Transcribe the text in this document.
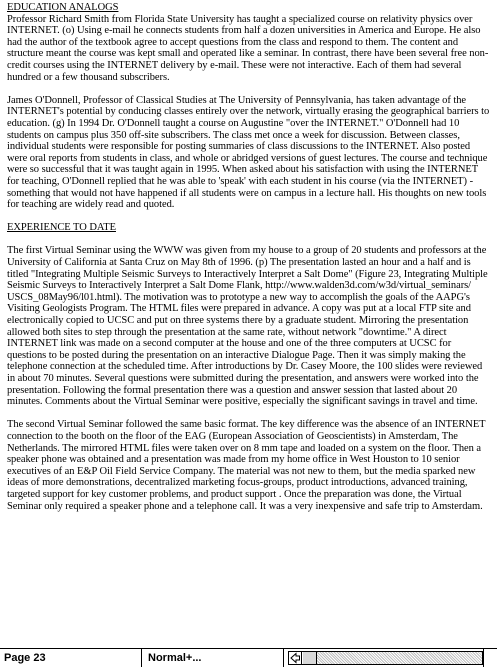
EDUCATION ANALOGS

Professor Richard Smith from Florida State University has taught a specialized course on relativity physics over INTERNET. (o) Using e-mail he connects students from half a dozen universities in America and Europe. He also had the author of the textbook agree to accept questions from the class and respond to them. The content and structure meant the course was kept small and operated like a seminar. In contrast, there have been several free non-credit courses using the INTERNET delivery by e-mail. These were not interactive. Each of them had several hundred or a few thousand subscribers.

James O'Donnell, Professor of Classical Studies at The University of Pennsylvania, has taken advantage of the INTERNET's potential by conducing classes entirely over the network, virtually erasing the geographical barriers to education. (g) In 1994 Dr. O'Donnell taught a course on Augustine "over the INTERNET." O'Donnell had 10 students on campus plus 350 off-site subscribers. The class met once a week for discussion. Between classes, individual students were responsible for posting summaries of class discussions to the INTERNET. Also posted were oral reports from students in class, and whole or abridged versions of guest lectures. The course and technique were so successful that it was taught again in 1995. When asked about his satisfaction with using the INTERNET for teaching, O'Donnell replied that he was able to 'speak' with each student in his course (via the INTERNET) - something that would not have happened if all students were on campus in a lecture hall. His thoughts on new tools for teaching are widely read and quoted.

EXPERIENCE TO DATE

The first Virtual Seminar using the WWW was given from my house to a group of 20 students and professors at the University of California at Santa Cruz on May 8th of 1996. (p) The presentation lasted an hour and a half and is titled "Integrating Multiple Seismic Surveys to Interactively Interpret a Salt Dome" (Figure 23, Integrating Multiple Seismic Surveys to Interactively Interpret a Salt Dome Flank, http://www.walden3d.com/w3d/virtual_seminars/ USCS_08May96/l01.html). The motivation was to prototype a new way to accomplish the goals of the AAPG's Visiting Geologists Program. The HTML files were prepared in advance. A copy was put at a local FTP site and electronically copied to UCSC and put on three systems there by a graduate student. Mirroring the presentation allowed both sites to step through the presentation at the same rate, without network "downtime." A direct INTERNET link was made on a second computer at the house and one of the three computers at UCSC for questions to be posted during the presentation on an interactive Dialogue Page. Then it was simply making the telephone connection at the scheduled time. After introductions by Dr. Casey Moore, the 100 slides were reviewed in about 70 minutes. Several questions were submitted during the presentation, and answers were worked into the presentation. Following the formal presentation there was a question and answer session that lasted about 20 minutes. Comments about the Virtual Seminar were positive, especially the significant savings in travel and time.

The second Virtual Seminar followed the same basic format. The key difference was the absence of an INTERNET connection to the booth on the floor of the EAG (European Association of Geoscientists) in Amsterdam, The Netherlands. The mirrored HTML files were taken over on 8 mm tape and loaded on a system on the floor. Then a speaker phone was obtained and a presentation was made from my home office in West Houston to 10 senior executives of an E&P Oil Field Service Company. The material was not new to them, but the media sparked new ideas of more demonstrations, decentralized marketing focus-groups, product introductions, advanced training, targeted support for key customer problems, and product support . Once the preparation was done, the Virtual Seminar only required a speaker phone and a telephone call. It was a very inexpensive and safe trip to Amsterdam.

Page 23	Normal+...
